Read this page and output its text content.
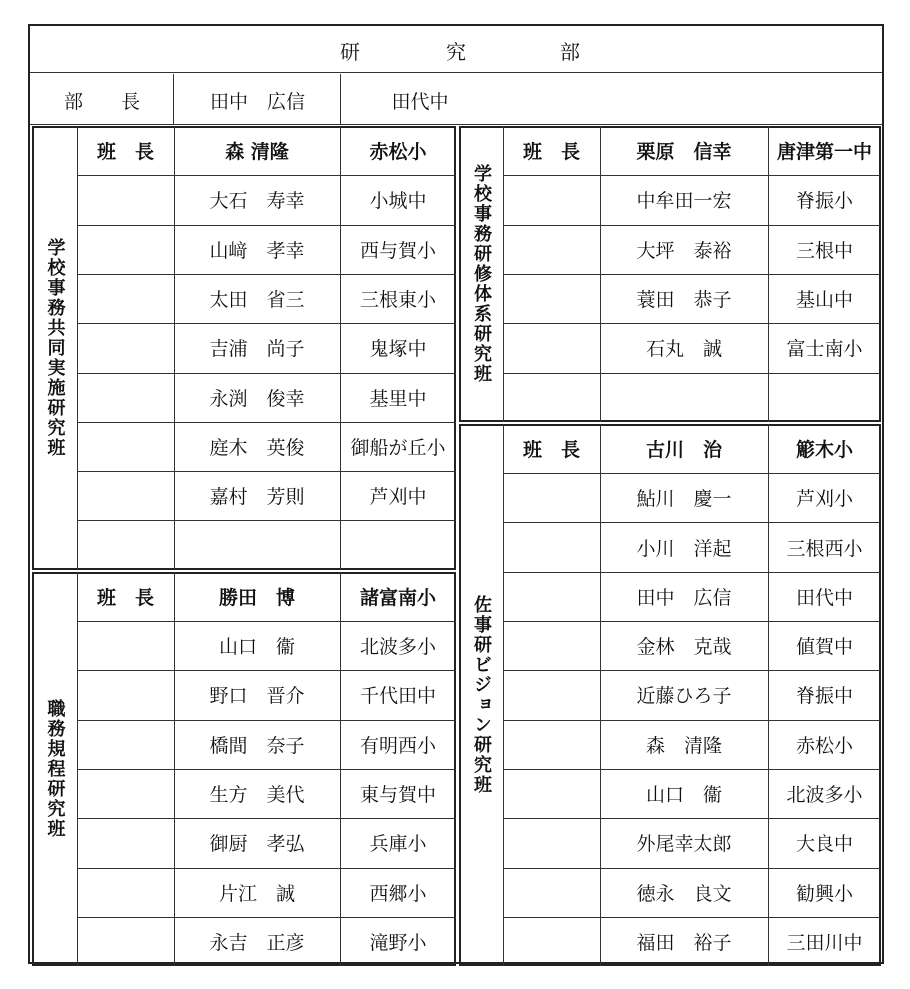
研	究	部
部　　長	田中　広信	田代中
学校事務共同実施研究班
班　長	森 清隆	赤松小
大石　寿幸	小城中
山﨑　孝幸	西与賀小
太田　省三	三根東小
吉浦　尚子	鬼塚中
永渕　俊幸	基里中
庭木　英俊	御船が丘小
嘉村　芳則	芦刈中
職務規程研究班
班　長	勝田　博	諸富南小
山口　衞	北波多小
野口　晋介	千代田中
橋間　奈子	有明西小
生方　美代	東与賀中
御厨　孝弘	兵庫小
片江　誠	西郷小
永吉　正彦	滝野小
学校事務研修体系研究班
班　長	栗原　信幸	唐津第一中
中牟田一宏	脊振小
大坪　泰裕	三根中
蓑田　恭子	基山中
石丸　誠	富士南小
佐事研ビジョン研究班
班　長	古川　治	簓木小
鮎川　慶一	芦刈小
小川　洋起	三根西小
田中　広信	田代中
金林　克哉	値賀中
近藤ひろ子	脊振中
森　清隆	赤松小
山口　衞	北波多小
外尾幸太郎	大良中
徳永　良文	勧興小
福田　裕子	三田川中
